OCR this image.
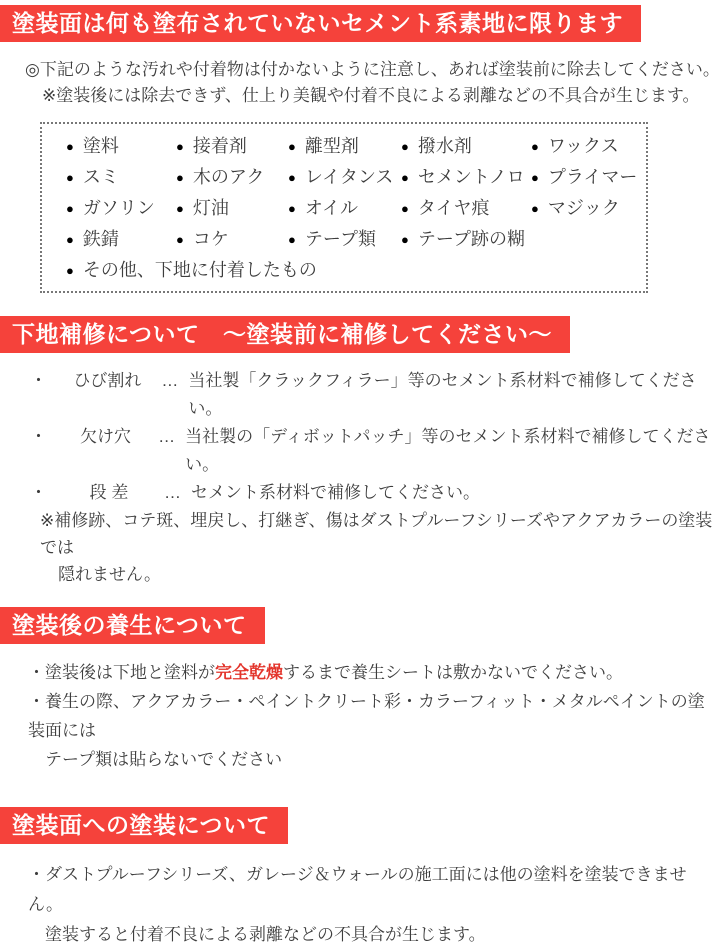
塗装面は何も塗布されていないセメント系素地に限ります

◎下記のような汚れや付着物は付かないように注意し、あれば塗装前に除去してください。

※塗装後には除去できず、仕上り美観や付着不良による剥離などの不具合が生じます。

● 塗料	● 接着剤	● 離型剤	● 撥水剤	● ワックス
● スミ	● 木のアク	● レイタンス ● セメントノロ ● プライマー
● ガソリン	● 灯油	● オイル	● タイヤ痕	● マジック
● 鉄錆	● コケ	● テープ類	● テープ跡の糊
● その他、下地に付着したもの
下地補修について　～塗装前に補修してください～
・	ひび割れ	… 当社製「クラックフィラー」等のセメント系材料で補修してください。
・	欠け穴	… 当社製の「ディボットパッチ」等のセメント系材料で補修してください。
・	段 差	… セメント系材料で補修してください。

※補修跡、コテ斑、埋戻し、打継ぎ、傷はダストプルーフシリーズやアクアカラーの塗装では

隠れません。

塗装後の養生について

・塗装後は下地と塗料が完全乾燥するまで養生シートは敷かないでください。

・養生の際、アクアカラー・ペイントクリート彩・カラーフィット・メタルペイントの塗装面には

テープ類は貼らないでください

塗装面への塗装について

・ダストプルーフシリーズ、ガレージ＆ウォールの施工面には他の塗料を塗装できません。

塗装すると付着不良による剥離などの不具合が生じます。
